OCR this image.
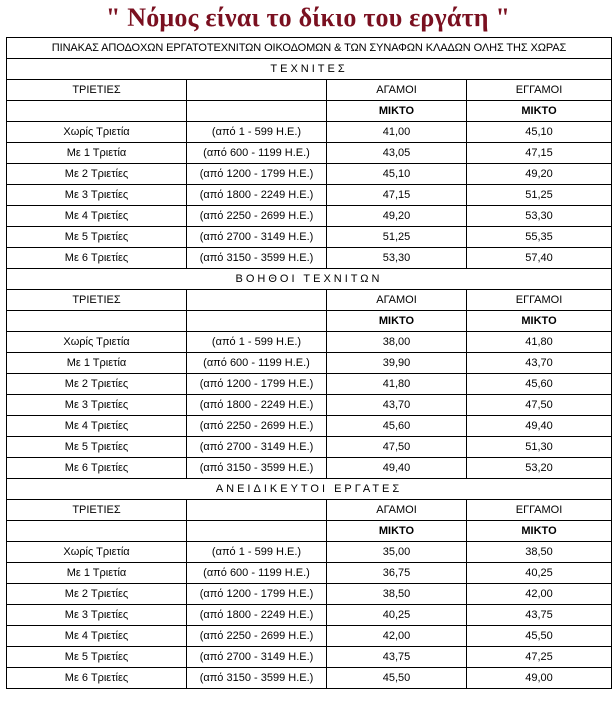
" Νόμος είναι το δίκιο του εργάτη "
ΠΙΝΑΚΑΣ ΑΠΟΔΟΧΩΝ ΕΡΓΑΤΟΤΕΧΝΙΤΩΝ ΟΙΚΟΔΟΜΩΝ & ΤΩΝ ΣΥΝΑΦΩΝ ΚΛΑΔΩΝ ΟΛΗΣ ΤΗΣ ΧΩΡΑΣ			
ΤΕΧΝΙΤΕΣ			
ΤΡΙΕΤΙΕΣ		ΑΓΑΜΟΙ	ΕΓΓΑΜΟΙ
		ΜΙΚΤΟ	ΜΙΚΤΟ
Χωρίς Τριετία	(από 1 - 599 Η.Ε.)	41,00	45,10
Με 1 Τριετία	(από 600 - 1199 Η.Ε.)	43,05	47,15
Με 2 Τριετίες	(από 1200 - 1799 Η.Ε.)	45,10	49,20
Με 3 Τριετίες	(από 1800 - 2249 Η.Ε.)	47,15	51,25
Με 4 Τριετίες	(από 2250 - 2699 Η.Ε.)	49,20	53,30
Με 5 Τριετίες	(από 2700 - 3149 Η.Ε.)	51,25	55,35
Με 6 Τριετίες	(από 3150 - 3599 Η.Ε.)	53,30	57,40
ΒΟΗΘΟΙ ΤΕΧΝΙΤΩΝ			
ΤΡΙΕΤΙΕΣ		ΑΓΑΜΟΙ	ΕΓΓΑΜΟΙ
		ΜΙΚΤΟ	ΜΙΚΤΟ
Χωρίς Τριετία	(από 1 - 599 Η.Ε.)	38,00	41,80
Με 1 Τριετία	(από 600 - 1199 Η.Ε.)	39,90	43,70
Με 2 Τριετίες	(από 1200 - 1799 Η.Ε.)	41,80	45,60
Με 3 Τριετίες	(από 1800 - 2249 Η.Ε.)	43,70	47,50
Με 4 Τριετίες	(από 2250 - 2699 Η.Ε.)	45,60	49,40
Με 5 Τριετίες	(από 2700 - 3149 Η.Ε.)	47,50	51,30
Με 6 Τριετίες	(από 3150 - 3599 Η.Ε.)	49,40	53,20
ΑΝΕΙΔΙΚΕΥΤΟΙ ΕΡΓΑΤΕΣ			
ΤΡΙΕΤΙΕΣ		ΑΓΑΜΟΙ	ΕΓΓΑΜΟΙ
		ΜΙΚΤΟ	ΜΙΚΤΟ
Χωρίς Τριετία	(από 1 - 599 Η.Ε.)	35,00	38,50
Με 1 Τριετία	(από 600 - 1199 Η.Ε.)	36,75	40,25
Με 2 Τριετίες	(από 1200 - 1799 Η.Ε.)	38,50	42,00
Με 3 Τριετίες	(από 1800 - 2249 Η.Ε.)	40,25	43,75
Με 4 Τριετίες	(από 2250 - 2699 Η.Ε.)	42,00	45,50
Με 5 Τριετίες	(από 2700 - 3149 Η.Ε.)	43,75	47,25
Με 6 Τριετίες	(από 3150 - 3599 Η.Ε.)	45,50	49,00
